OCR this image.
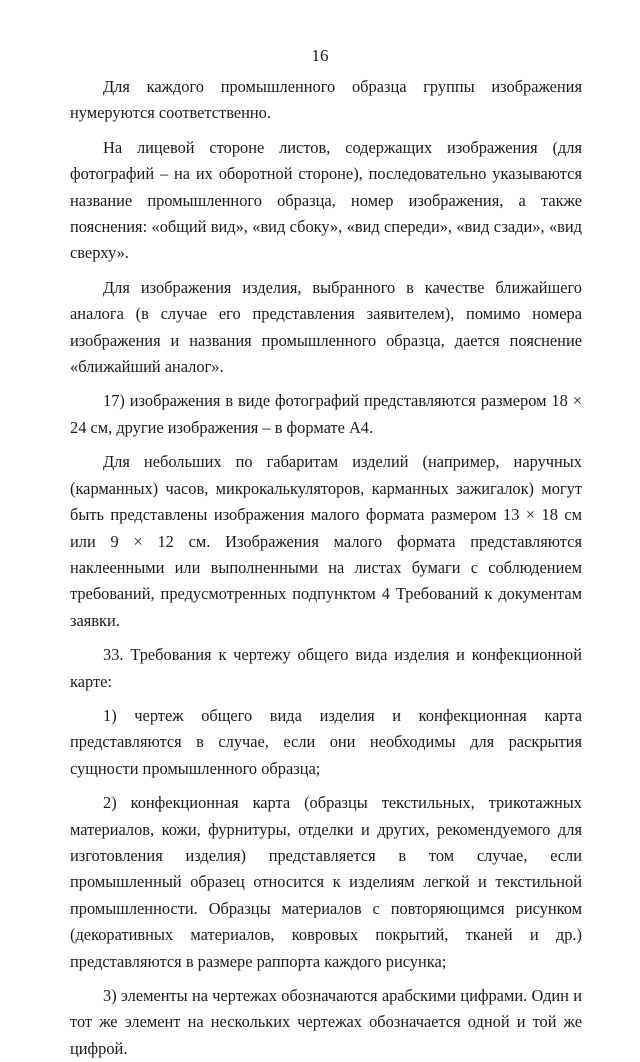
16

Для каждого промышленного образца группы изображения нумеруются соответственно.

На лицевой стороне листов, содержащих изображения (для фотографий – на их оборотной стороне), последовательно указываются название промышленного образца, номер изображения, а также пояснения: «общий вид», «вид сбоку», «вид спереди», «вид сзади», «вид сверху».

Для изображения изделия, выбранного в качестве ближайшего аналога (в случае его представления заявителем), помимо номера изображения и названия промышленного образца, дается пояснение «ближайший аналог».

17) изображения в виде фотографий представляются размером 18 × 24 см, другие изображения – в формате А4.

Для небольших по габаритам изделий (например, наручных (карманных) часов, микрокалькуляторов, карманных зажигалок) могут быть представлены изображения малого формата размером 13 × 18 см или 9 × 12 см. Изображения малого формата представляются наклеенными или выполненными на листах бумаги с соблюдением требований, предусмотренных подпунктом 4 Требований к документам заявки.

33. Требования к чертежу общего вида изделия и конфекционной карте:

1) чертеж общего вида изделия и конфекционная карта представляются в случае, если они необходимы для раскрытия сущности промышленного образца;

2) конфекционная карта (образцы текстильных, трикотажных материалов, кожи, фурнитуры, отделки и других, рекомендуемого для изготовления изделия) представляется в том случае, если промышленный образец относится к изделиям легкой и текстильной промышленности. Образцы материалов с повторяющимся рисунком (декоративных материалов, ковровых покрытий, тканей и др.) представляются в размере раппорта каждого рисунка;

3) элементы на чертежах обозначаются арабскими цифрами. Один и тот же элемент на нескольких чертежах обозначается одной и той же цифрой.
